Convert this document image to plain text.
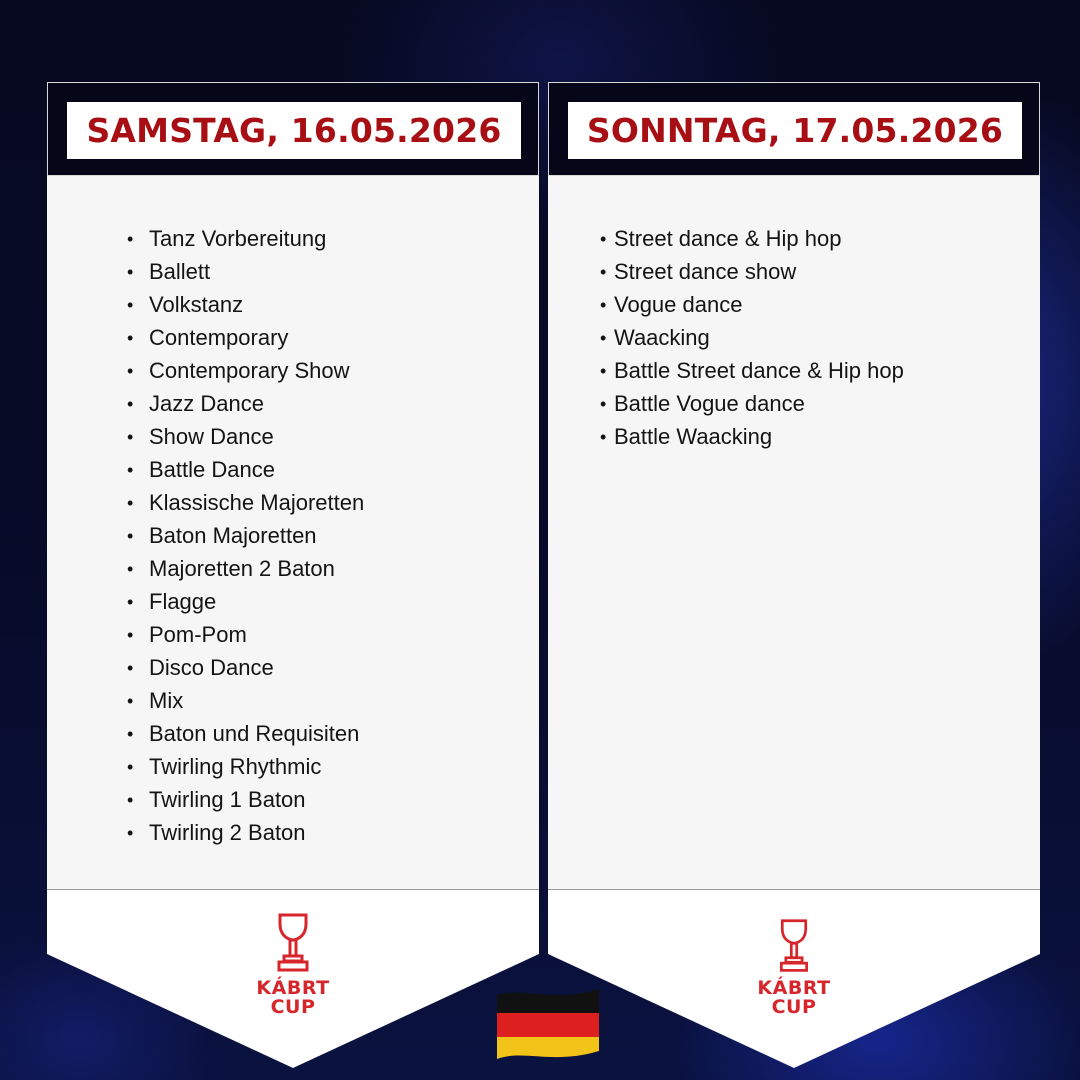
SAMSTAG, 16.05.2026
• Tanz Vorbereitung
• Ballett
• Volkstanz
• Contemporary
• Contemporary Show
• Jazz Dance
• Show Dance
• Battle Dance
• Klassische Majoretten
• Baton Majoretten
• Majoretten 2 Baton
• Flagge
• Pom-Pom
• Disco Dance
• Mix
• Baton und Requisiten
• Twirling Rhythmic
• Twirling 1 Baton
• Twirling 2 Baton
KÁBRT
CUP
SONNTAG, 17.05.2026
• Street dance & Hip hop
• Street dance show
• Vogue dance
• Waacking
• Battle Street dance & Hip hop
• Battle Vogue dance
• Battle Waacking
KÁBRT
CUP
